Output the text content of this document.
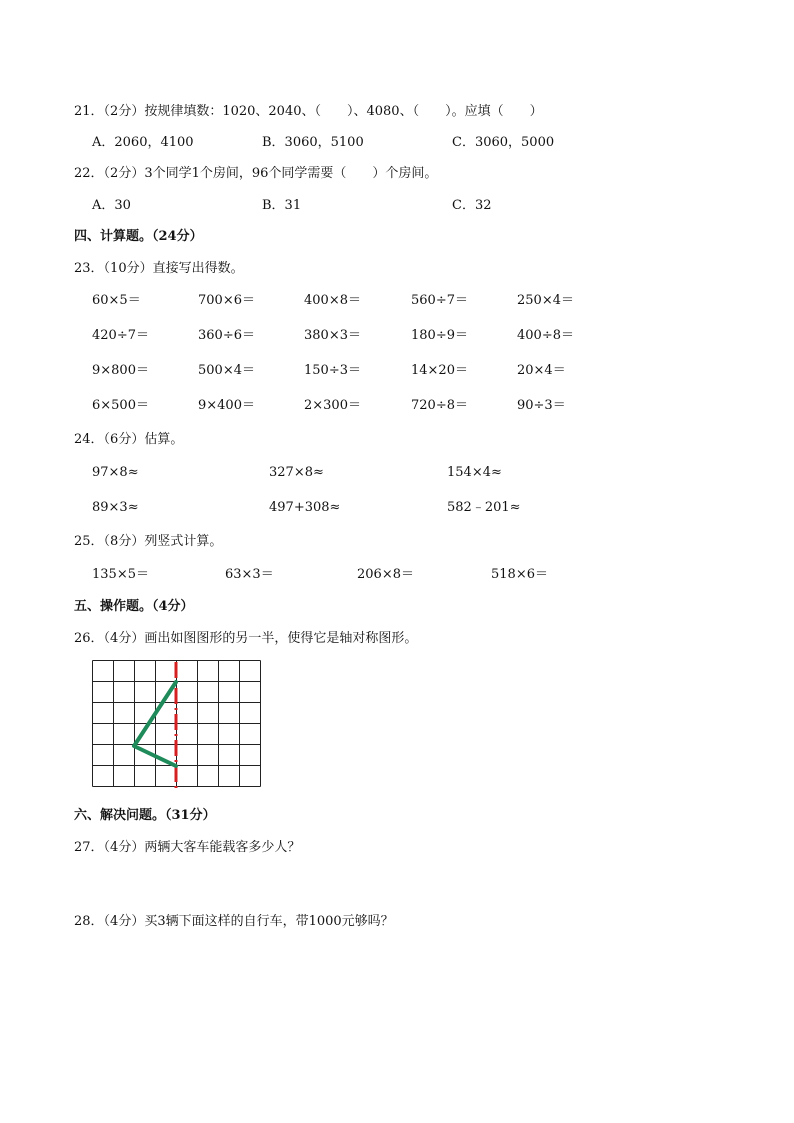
21．（2分）按规律填数：1020、2040、（　　）、4080、（　　）。应填（　　）
A．2060，4100	B．3060，5100	C．3060，5000
22．（2分）3个同学1个房间，96个同学需要（　　）个房间。
A．30	B．31	C．32
四、计算题。（24分）
23．（10分）直接写出得数。
60×5＝	700×6＝	400×8＝	560÷7＝	250×4＝
420÷7＝	360÷6＝	380×3＝	180÷9＝	400÷8＝
9×800＝	500×4＝	150÷3＝	14×20＝	20×4＝
6×500＝	9×400＝	2×300＝	720÷8＝	90÷3＝
24．（6分）估算。
97×8≈	327×8≈	154×4≈
89×3≈	497+308≈	582﹣201≈
25．（8分）列竖式计算。
135×5＝	63×3＝	206×8＝	518×6＝
五、操作题。（4分）
26．（4分）画出如图图形的另一半，使得它是轴对称图形。
六、解决问题。（31分）
27．（4分）两辆大客车能载客多少人？
28．（4分）买3辆下面这样的自行车，带1000元够吗？
